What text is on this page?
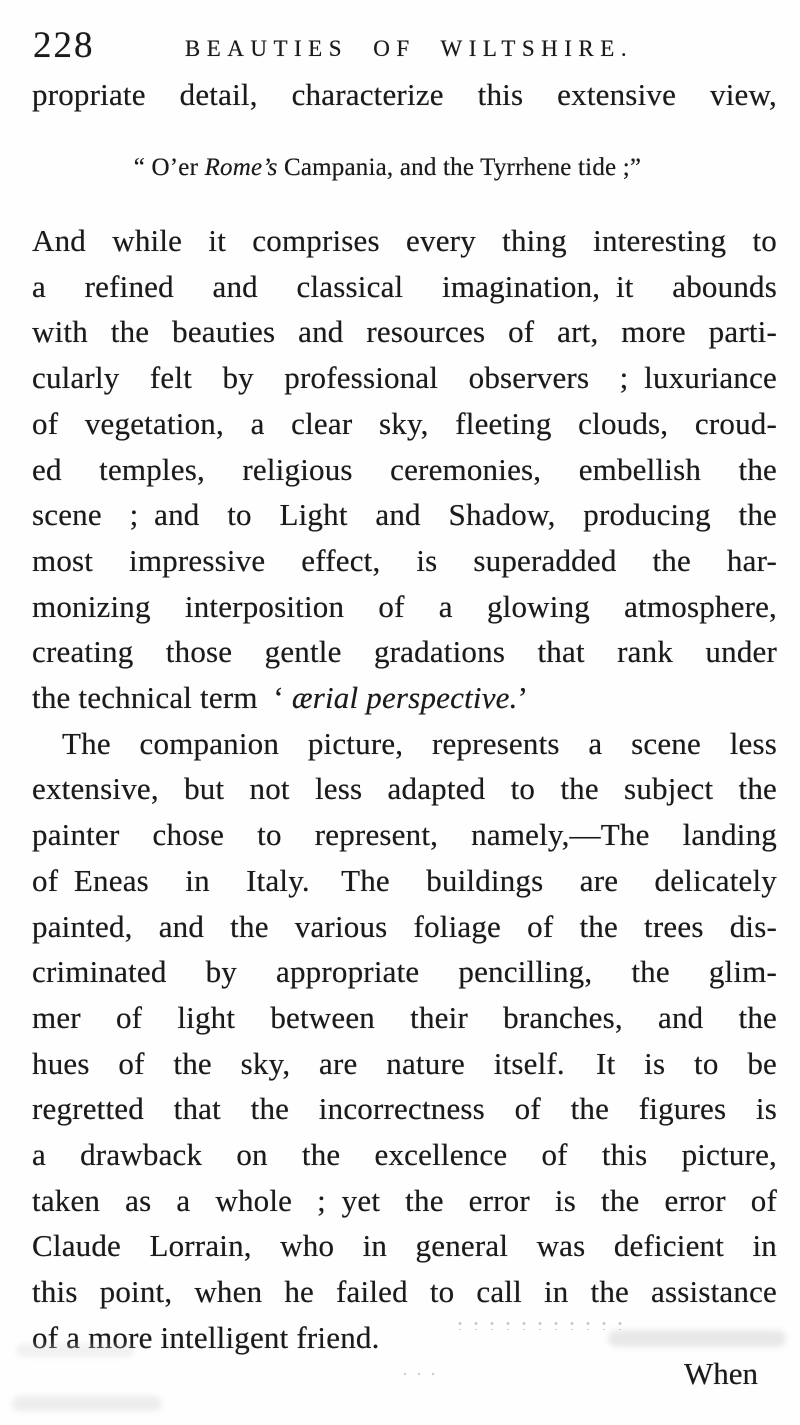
228	BEAUTIES OF WILTSHIRE.
propriate detail, characterize this extensive view,
“ O’er Rome’s Campania, and the Tyrrhene tide ;”
And while it comprises every thing interesting to
a refined and classical imagination, it abounds
with the beauties and resources of art, more parti-
cularly felt by professional observers ; luxuriance
of vegetation, a clear sky, fleeting clouds, croud-
ed temples, religious ceremonies, embellish the
scene ; and to Light and Shadow, producing the
most impressive effect, is superadded the har-
monizing interposition of a glowing atmosphere,
creating those gentle gradations that rank under
the technical term ‘ ærial perspective.’
The companion picture, represents a scene less
extensive, but not less adapted to the subject the
painter chose to represent, namely,—The landing
of Eneas in Italy. The buildings are delicately
painted, and the various foliage of the trees dis-
criminated by appropriate pencilling, the glim-
mer of light between their branches, and the
hues of the sky, are nature itself. It is to be
regretted that the incorrectness of the figures is
a drawback on the excellence of this picture,
taken as a whole ; yet the error is the error of
Claude Lorrain, who in general was deficient in
this point, when he failed to call in the assistance
of a more intelligent friend.
When
